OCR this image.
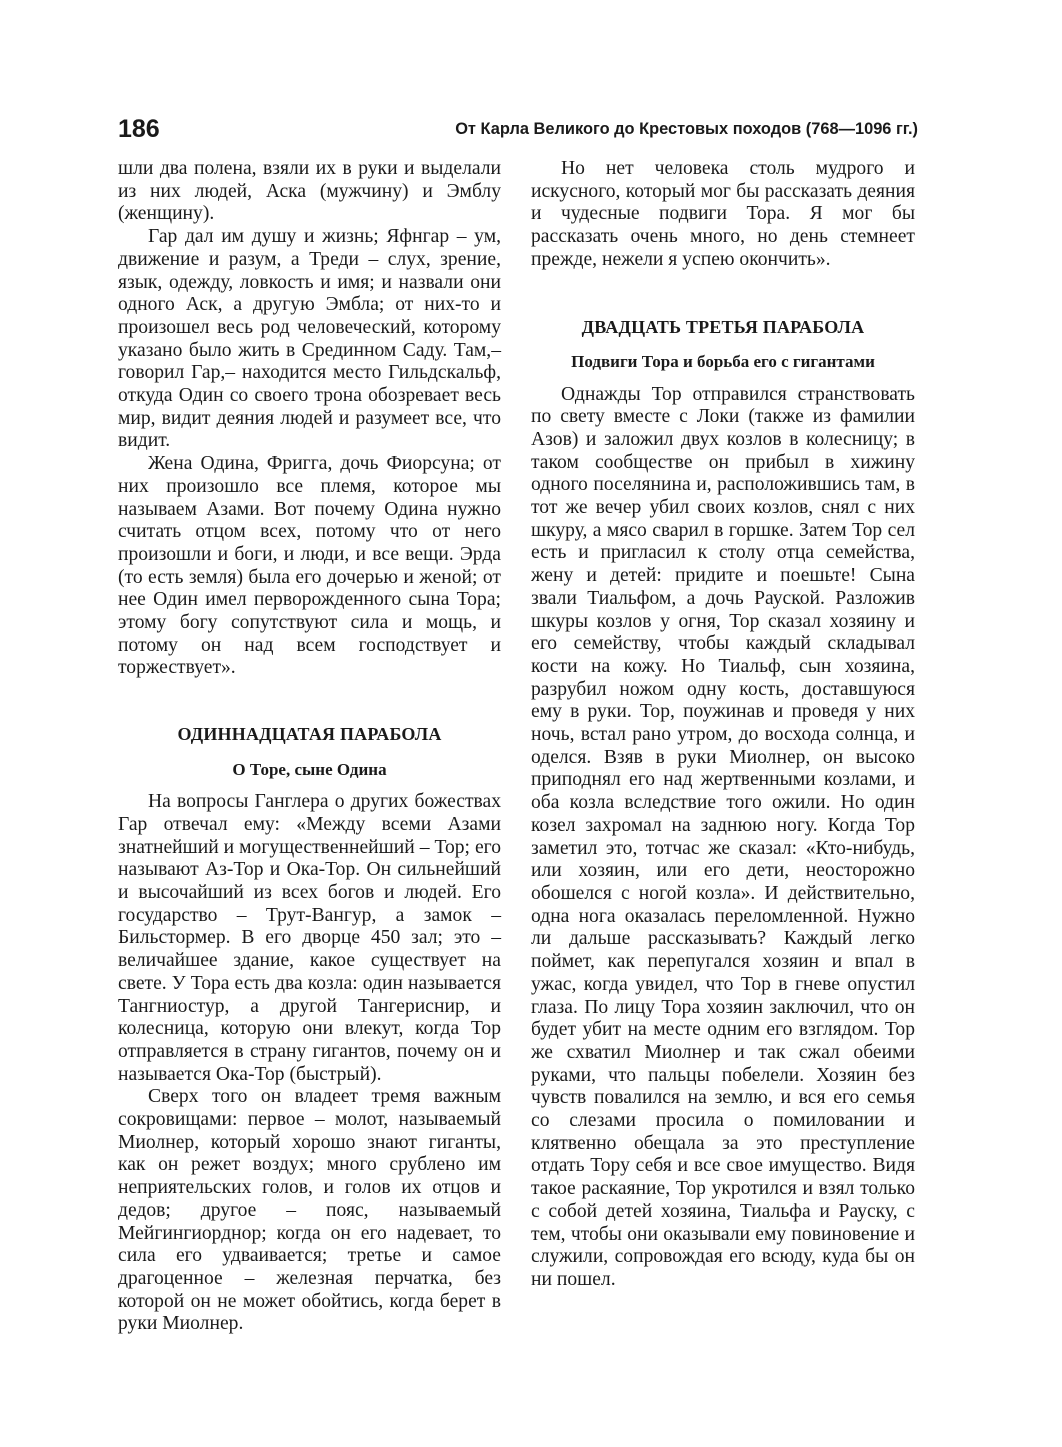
186	От Карла Великого до Крестовых походов (768—1096 гг.)

шли два полена, взяли их в руки и выделали из них людей, Аска (мужчину) и Эмблу (женщину).

Гар дал им душу и жизнь; Яфнгар – ум, движение и разум, а Треди – слух, зрение, язык, одежду, ловкость и имя; и назвали они одного Аск, а другую Эмбла; от них-то и произошел весь род человеческий, которому указано было жить в Срединном Саду. Там,– говорил Гар,– находится место Гильдскальф, откуда Один со своего трона обозревает весь мир, видит деяния людей и разумеет все, что видит.

Жена Одина, Фригга, дочь Фиорсуна; от них произошло все племя, которое мы называем Азами. Вот почему Одина нужно считать отцом всех, потому что от него произошли и боги, и люди, и все вещи. Эрда (то есть земля) была его дочерью и женой; от нее Один имел перворожденного сына Тора; этому богу сопутствуют сила и мощь, и потому он над всем господствует и торжествует».

ОДИННАДЦАТАЯ ПАРАБОЛА
О Торе, сыне Одина

На вопросы Ганглера о других божествах Гар отвечал ему: «Между всеми Азами знатнейший и могущественнейший – Тор; его называют Аз-Тор и Ока-Тор. Он сильнейший и высочайший из всех богов и людей. Его государство – Трут-Вангур, а замок – Бильстормер. В его дворце 450 зал; это – величайшее здание, какое существует на свете. У Тора есть два козла: один называется Тангниостур, а другой Тангериснир, и колесница, которую они влекут, когда Тор отправляется в страну гигантов, почему он и называется Ока-Тор (быстрый).

Сверх того он владеет тремя важным сокровищами: первое – молот, называемый Миолнер, который хорошо знают гиганты, как он режет воздух; много срублено им неприятельских голов, и голов их отцов и дедов; другое – пояс, называемый Мейгингиорднор; когда он его надевает, то сила его удваивается; третье и самое драгоценное – железная перчатка, без которой он не может обойтись, когда берет в руки Миолнер.

Но нет человека столь мудрого и искусного, который мог бы рассказать деяния и чудесные подвиги Тора. Я мог бы рассказать очень много, но день стемнеет прежде, нежели я успею окончить».

ДВАДЦАТЬ ТРЕТЬЯ ПАРАБОЛА
Подвиги Тора и борьба его с гигантами

Однажды Тор отправился странствовать по свету вместе с Локи (также из фамилии Азов) и заложил двух козлов в колесницу; в таком сообществе он прибыл в хижину одного поселянина и, расположившись там, в тот же вечер убил своих козлов, снял с них шкуру, а мясо сварил в горшке. Затем Тор сел есть и пригласил к столу отца семейства, жену и детей: придите и поешьте! Сына звали Тиальфом, а дочь Рауской. Разложив шкуры козлов у огня, Тор сказал хозяину и его семейству, чтобы каждый складывал кости на кожу. Но Тиальф, сын хозяина, разрубил ножом одну кость, доставшуюся ему в руки. Тор, поужинав и проведя у них ночь, встал рано утром, до восхода солнца, и оделся. Взяв в руки Миолнер, он высоко приподнял его над жертвенными козлами, и оба козла вследствие того ожили. Но один козел захромал на заднюю ногу. Когда Тор заметил это, тотчас же сказал: «Кто-нибудь, или хозяин, или его дети, неосторожно обошелся с ногой козла». И действительно, одна нога оказалась переломленной. Нужно ли дальше рассказывать? Каждый легко поймет, как перепугался хозяин и впал в ужас, когда увидел, что Тор в гневе опустил глаза. По лицу Тора хозяин заключил, что он будет убит на месте одним его взглядом. Тор же схватил Миолнер и так сжал обеими руками, что пальцы побелели. Хозяин без чувств повалился на землю, и вся его семья со слезами просила о помиловании и клятвенно обещала за это преступление отдать Тору себя и все свое имущество. Видя такое раскаяние, Тор укротился и взял только с собой детей хозяина, Тиальфа и Рауску, с тем, чтобы они оказывали ему повиновение и служили, сопровождая его всюду, куда бы он ни пошел.
